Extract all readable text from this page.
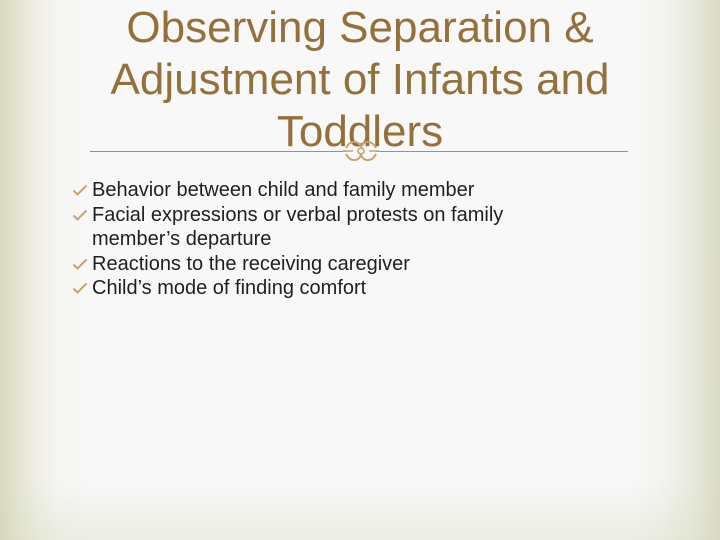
Observing Separation &
Adjustment of Infants and
Toddlers
Behavior between child and family member
Facial expressions or verbal protests on family
member’s departure
Reactions to the receiving caregiver
Child’s mode of finding comfort
